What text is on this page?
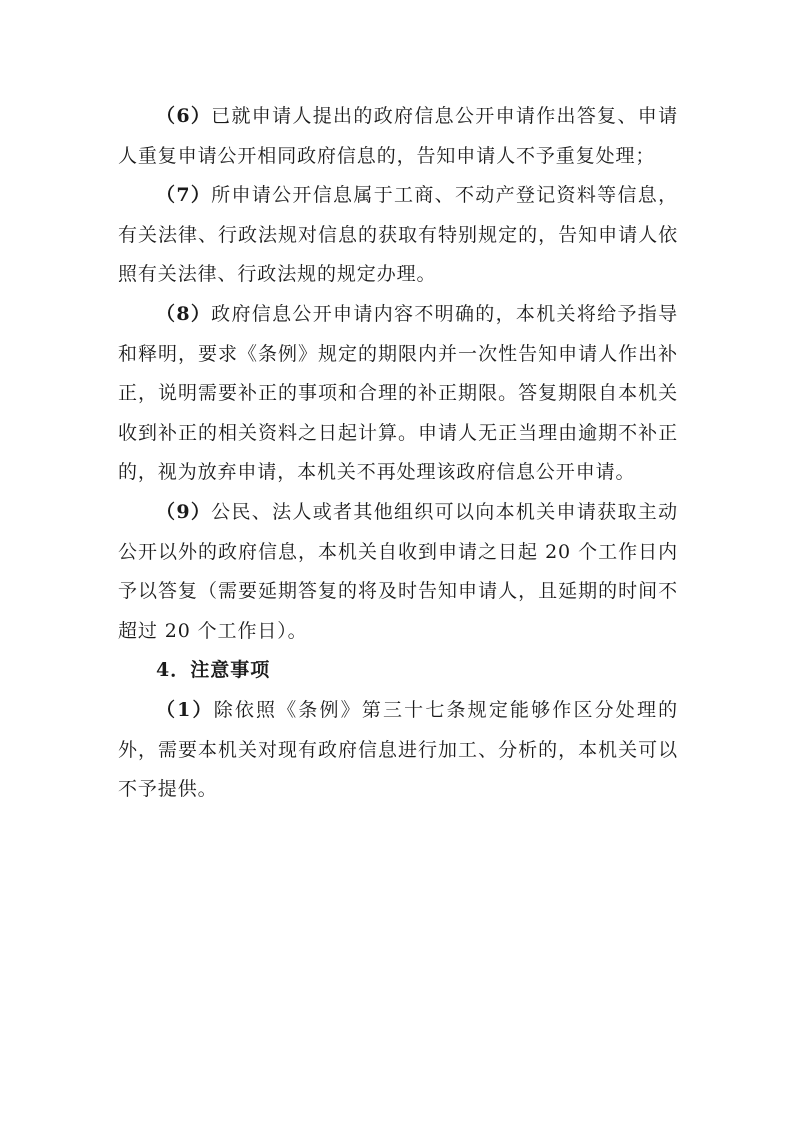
（6）已就申请人提出的政府信息公开申请作出答复、申请人重复申请公开相同政府信息的，告知申请人不予重复处理；

（7）所申请公开信息属于工商、不动产登记资料等信息，有关法律、行政法规对信息的获取有特别规定的，告知申请人依照有关法律、行政法规的规定办理。

（8）政府信息公开申请内容不明确的，本机关将给予指导和释明，要求《条例》规定的期限内并一次性告知申请人作出补正，说明需要补正的事项和合理的补正期限。答复期限自本机关收到补正的相关资料之日起计算。申请人无正当理由逾期不补正的，视为放弃申请，本机关不再处理该政府信息公开申请。

（9）公民、法人或者其他组织可以向本机关申请获取主动公开以外的政府信息，本机关自收到申请之日起 20 个工作日内予以答复（需要延期答复的将及时告知申请人，且延期的时间不超过 20 个工作日）。

4．注意事项

（1）除依照《条例》第三十七条规定能够作区分处理的外，需要本机关对现有政府信息进行加工、分析的，本机关可以不予提供。
